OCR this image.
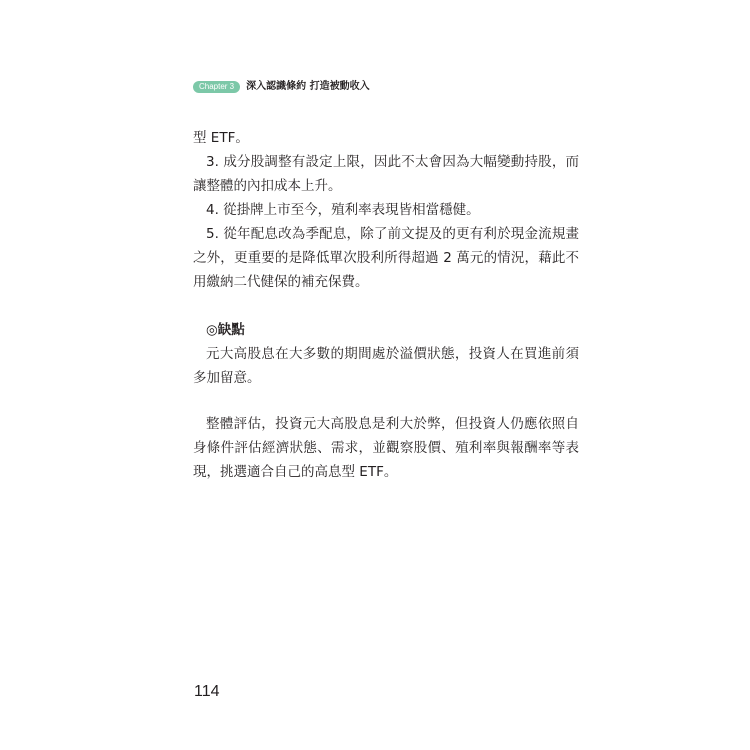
Chapter 3	深入認識條約 打造被動收入

型 ETF。

3. 成分股調整有設定上限，因此不太會因為大幅變動持股，而讓整體的內扣成本上升。

4. 從掛牌上市至今，殖利率表現皆相當穩健。

5. 從年配息改為季配息，除了前文提及的更有利於現金流規畫之外，更重要的是降低單次股利所得超過 2 萬元的情況，藉此不用繳納二代健保的補充保費。

◎缺點

元大高股息在大多數的期間處於溢價狀態，投資人在買進前須多加留意。

整體評估，投資元大高股息是利大於弊，但投資人仍應依照自身條件評估經濟狀態、需求，並觀察股價、殖利率與報酬率等表現，挑選適合自己的高息型 ETF。

114
